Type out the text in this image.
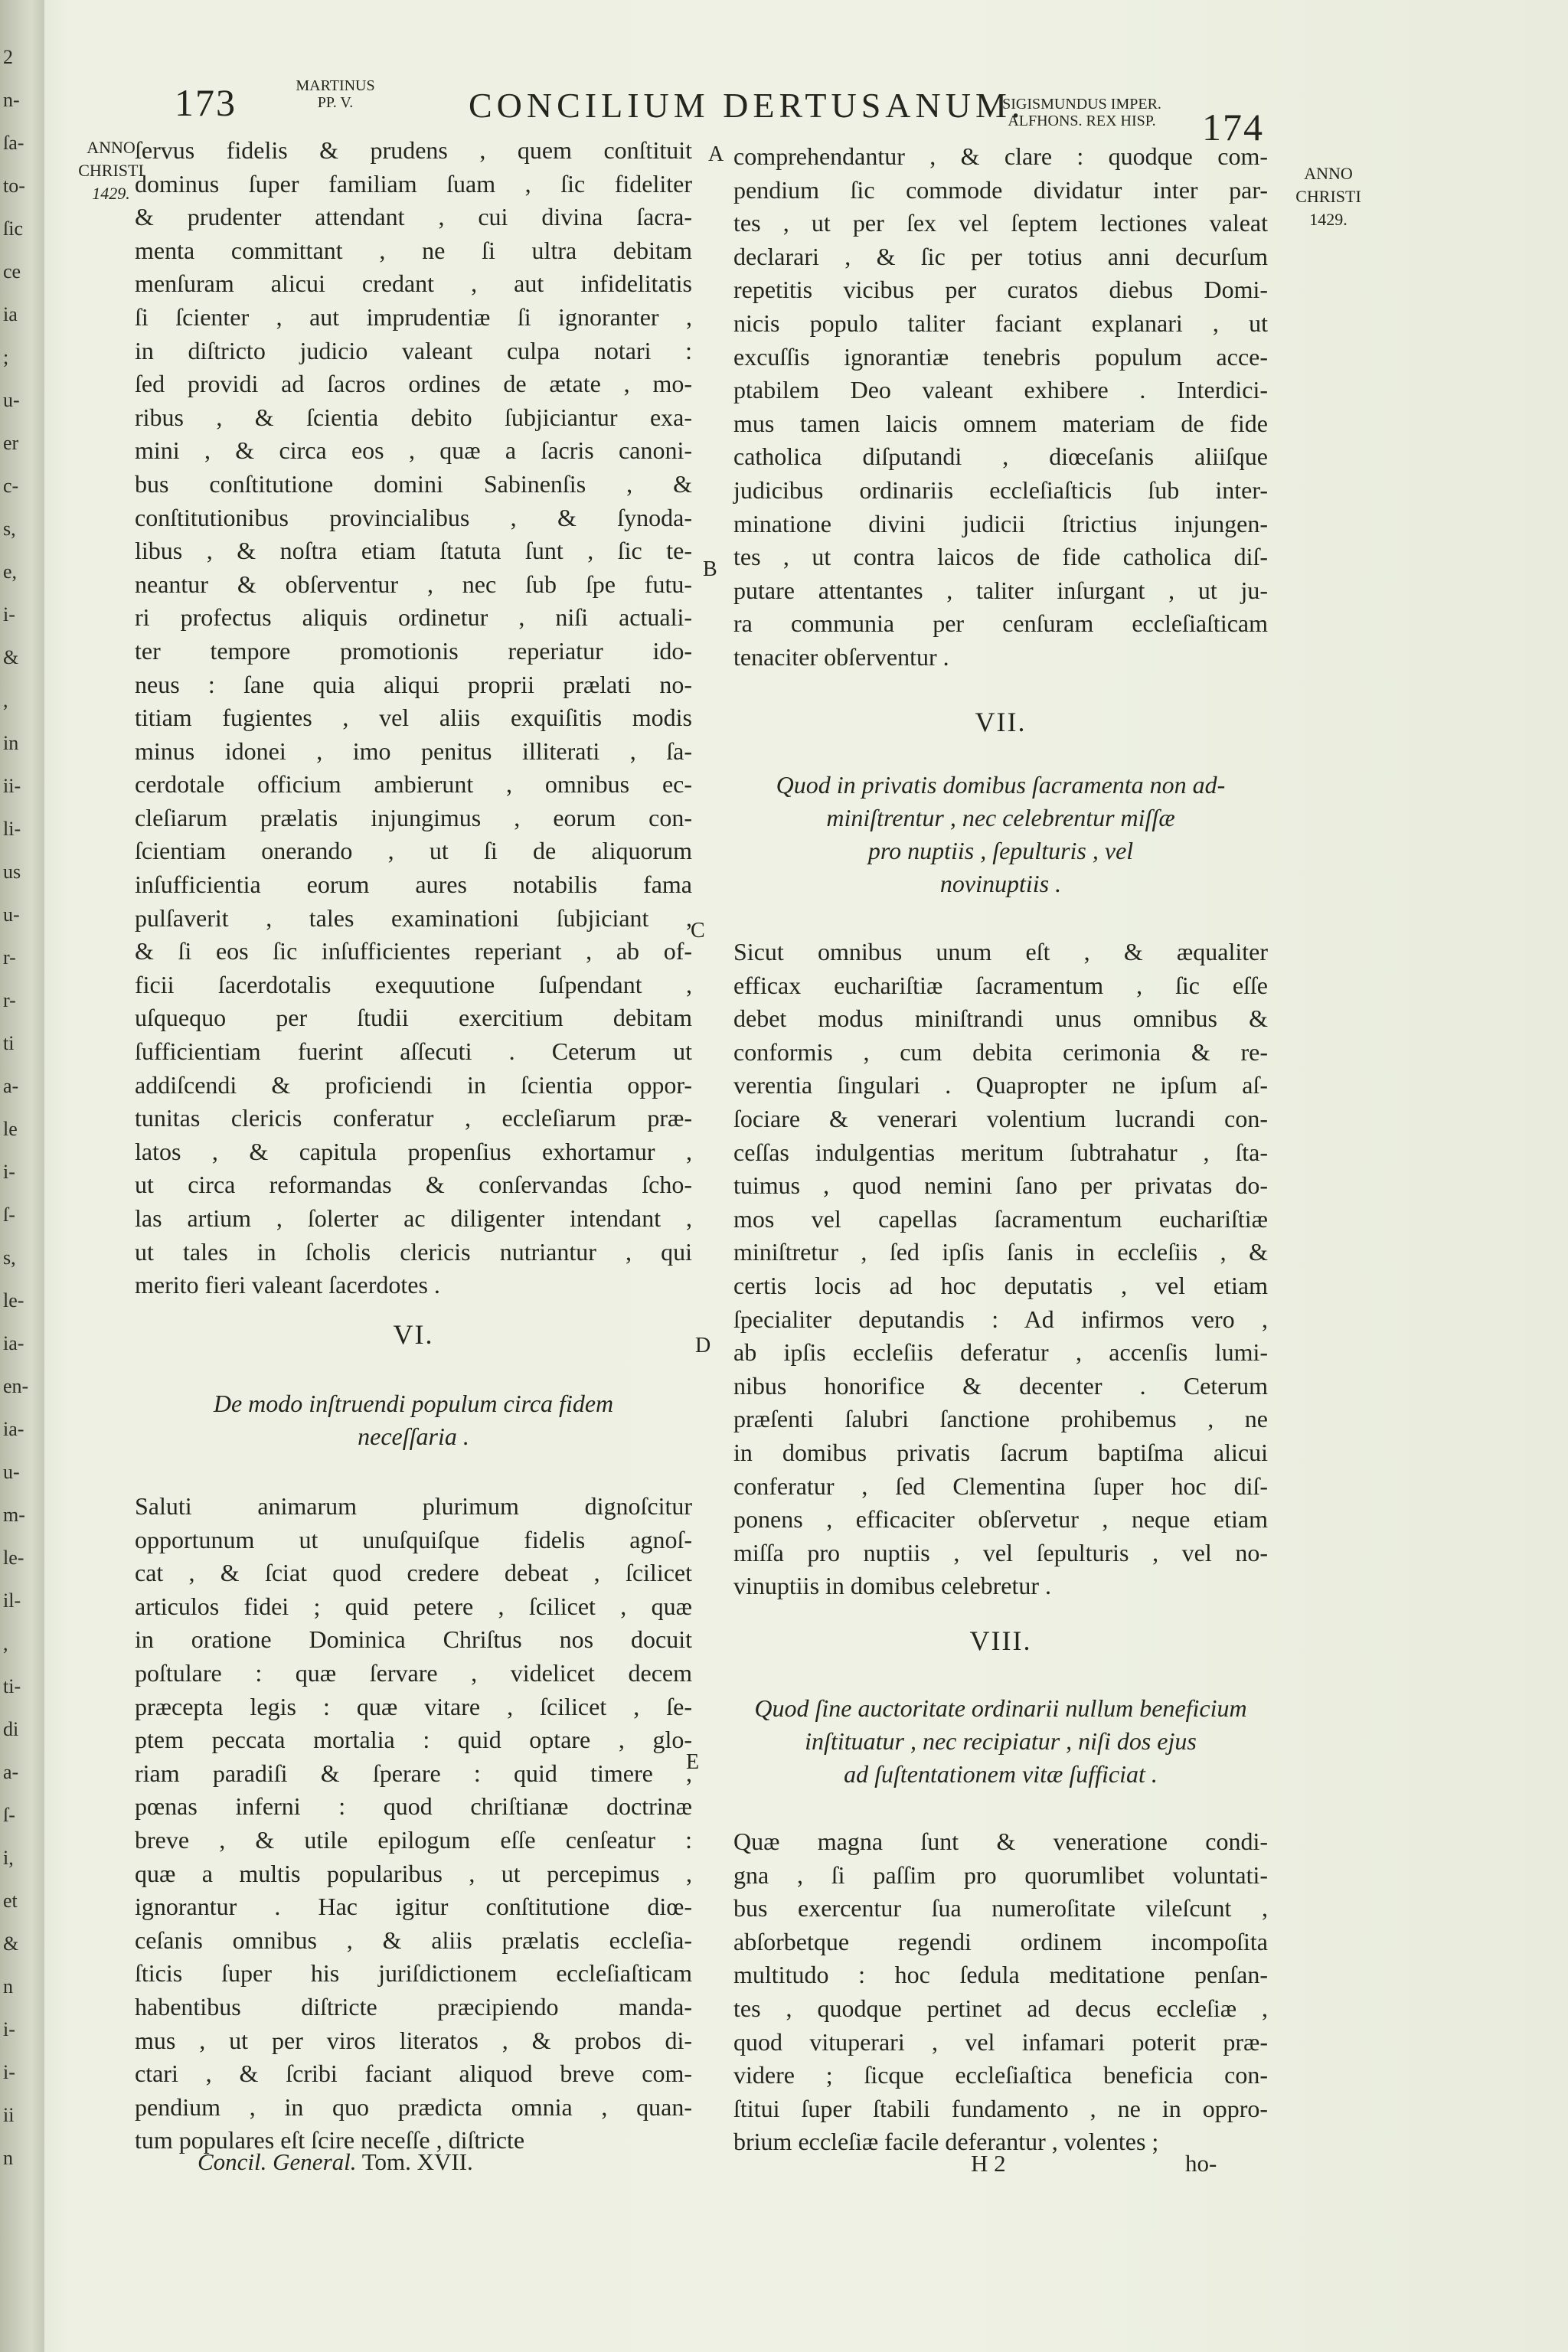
2
n-
ſa-
to-
ſic
ce
ia
;
u-
er
c-
s,
e,
i-
&
,
in
ii-
li-
us
u-
r-
r-
ti
a-
le
i-
ſ-
s,
le-
ia-
en-
ia-
u-
m-
le-
il-
,
ti-
di
a-
ſ-
i,
et
&
n
i-
i-
ii
n
173	MARTINUS
PP. V.	CONCILIUM DERTUSANUM.
SIGISMUNDUS IMPER.
ALFHONS. REX HISP.	174
ANNO
CHRISTI
1429.
ANNO
CHRISTI
1429.
A
B
C
D
E
ſervus fidelis & prudens , quem conſtituit
dominus ſuper familiam ſuam , ſic fideliter
& prudenter attendant , cui divina ſacra-
menta committant , ne ſi ultra debitam
menſuram alicui credant , aut infidelitatis
ſi ſcienter , aut imprudentiæ ſi ignoranter ,
in diſtricto judicio valeant culpa notari :
ſed providi ad ſacros ordines de ætate , mo-
ribus , & ſcientia debito ſubjiciantur exa-
mini , & circa eos , quæ a ſacris canoni-
bus conſtitutione domini Sabinenſis , &
conſtitutionibus provincialibus , & ſynoda-
libus , & noſtra etiam ſtatuta ſunt , ſic te-
neantur & obſerventur , nec ſub ſpe futu-
ri profectus aliquis ordinetur , niſi actuali-
ter tempore promotionis reperiatur ido-
neus : ſane quia aliqui proprii prælati no-
titiam fugientes , vel aliis exquiſitis modis
minus idonei , imo penitus illiterati , ſa-
cerdotale officium ambierunt , omnibus ec-
cleſiarum prælatis injungimus , eorum con-
ſcientiam onerando , ut ſi de aliquorum
inſufficientia eorum aures notabilis fama
pulſaverit , tales examinationi ſubjiciant ,
& ſi eos ſic inſufficientes reperiant , ab of-
ficii ſacerdotalis exequutione ſuſpendant ,
uſquequo per ſtudii exercitium debitam
ſufficientiam fuerint aſſecuti . Ceterum ut
addiſcendi & proficiendi in ſcientia oppor-
tunitas clericis conferatur , eccleſiarum præ-
latos , & capitula propenſius exhortamur ,
ut circa reformandas & conſervandas ſcho-
las artium , ſolerter ac diligenter intendant ,
ut tales in ſcholis clericis nutriantur , qui
merito fieri valeant ſacerdotes .
VI.
De modo inſtruendi populum circa fidem
neceſſaria .
Saluti animarum plurimum dignoſcitur
opportunum ut unuſquiſque fidelis agnoſ-
cat , & ſciat quod credere debeat , ſcilicet
articulos fidei ; quid petere , ſcilicet , quæ
in oratione Dominica Chriſtus nos docuit
poſtulare : quæ ſervare , videlicet decem
præcepta legis : quæ vitare , ſcilicet , ſe-
ptem peccata mortalia : quid optare , glo-
riam paradiſi & ſperare : quid timere ,
pœnas inferni : quod chriſtianæ doctrinæ
breve , & utile epilogum eſſe cenſeatur :
quæ a multis popularibus , ut percepimus ,
ignorantur . Hac igitur conſtitutione diœ-
ceſanis omnibus , & aliis prælatis eccleſia-
ſticis ſuper his juriſdictionem eccleſiaſticam
habentibus diſtricte præcipiendo manda-
mus , ut per viros literatos , & probos di-
ctari , & ſcribi faciant aliquod breve com-
pendium , in quo prædicta omnia , quan-
tum populares eſt ſcire neceſſe , diſtricte
Concil. General. Tom. XVII.
comprehendantur , & clare : quodque com-
pendium ſic commode dividatur inter par-
tes , ut per ſex vel ſeptem lectiones valeat
declarari , & ſic per totius anni decurſum
repetitis vicibus per curatos diebus Domi-
nicis populo taliter faciant explanari , ut
excuſſis ignorantiæ tenebris populum acce-
ptabilem Deo valeant exhibere . Interdici-
mus tamen laicis omnem materiam de fide
catholica diſputandi , diœceſanis aliiſque
judicibus ordinariis eccleſiaſticis ſub inter-
minatione divini judicii ſtrictius injungen-
tes , ut contra laicos de fide catholica diſ-
putare attentantes , taliter inſurgant , ut ju-
ra communia per cenſuram eccleſiaſticam
tenaciter obſerventur .
VII.
Quod in privatis domibus ſacramenta non ad-
miniſtrentur , nec celebrentur miſſæ
pro nuptiis , ſepulturis , vel
novinuptiis .
Sicut omnibus unum eſt , & æqualiter
efficax euchariſtiæ ſacramentum , ſic eſſe
debet modus miniſtrandi unus omnibus &
conformis , cum debita cerimonia & re-
verentia ſingulari . Quapropter ne ipſum aſ-
ſociare & venerari volentium lucrandi con-
ceſſas indulgentias meritum ſubtrahatur , ſta-
tuimus , quod nemini ſano per privatas do-
mos vel capellas ſacramentum euchariſtiæ
miniſtretur , ſed ipſis ſanis in eccleſiis , &
certis locis ad hoc deputatis , vel etiam
ſpecialiter deputandis : Ad infirmos vero ,
ab ipſis eccleſiis deferatur , accenſis lumi-
nibus honorifice & decenter . Ceterum
præſenti ſalubri ſanctione prohibemus , ne
in domibus privatis ſacrum baptiſma alicui
conferatur , ſed Clementina ſuper hoc diſ-
ponens , efficaciter obſervetur , neque etiam
miſſa pro nuptiis , vel ſepulturis , vel no-
vinuptiis in domibus celebretur .
VIII.
Quod ſine auctoritate ordinarii nullum beneficium
inſtituatur , nec recipiatur , niſi dos ejus
ad ſuſtentationem vitæ ſufficiat .
Quæ magna ſunt & veneratione condi-
gna , ſi paſſim pro quorumlibet voluntati-
bus exercentur ſua numeroſitate vileſcunt ,
abſorbetque regendi ordinem incompoſita
multitudo : hoc ſedula meditatione penſan-
tes , quodque pertinet ad decus eccleſiæ ,
quod vituperari , vel infamari poterit præ-
videre ; ſicque eccleſiaſtica beneficia con-
ſtitui ſuper ſtabili fundamento , ne in oppro-
brium eccleſiæ facile deferantur , volentes ;
H 2	ho-
